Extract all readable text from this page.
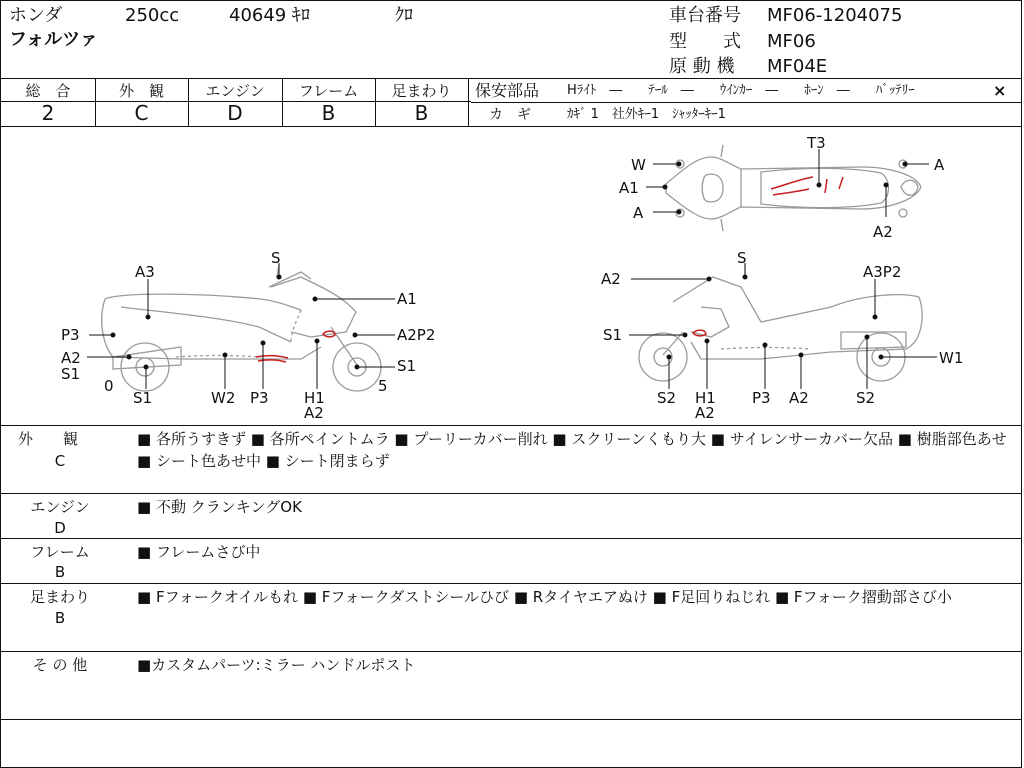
ホンダ	250cc	40649 ｷﾛ	ｸﾛ
フォルツァ
車台番号 MF06-1204075
型　　式 MF06
原 動 機 MF04E
総　合	外　観	エンジン	フレーム	足まわり
2	C	D	B	B
保安部品 Hﾗｲﾄ　―　　ﾃｰﾙ　―　　ｳｲﾝｶｰ　―　　ﾎｰﾝ　―　　ﾊﾞｯﾃﾘｰ	×
カ　ギ	ｶｷﾞ 1　社外ｷｰ1　ｼｬｯﾀｰｷｰ1
W
A1
A
T3
A
A2
S
A3
A1
P3	A2P2
A2
S1	S1
0	5
S1	W2 P3 H1
A2
S
A2	A3P2
S1
W1
S2 H1
A2
P3 A2	S2
外　　観
C
■ 各所うすきず ■ 各所ペイントムラ ■ プーリーカバー削れ ■ スクリーンくもり大 ■ サイレンサーカバー欠品 ■ 樹脂部色あせ ■ シート色あせ中 ■ シート閉まらず
エンジン
D
■ 不動 クランキングOK
フレーム
B
■ フレームさび中
足まわり
B
■ Fフォークオイルもれ ■ Fフォークダストシールひび ■ Rタイヤエアぬけ ■ F足回りねじれ ■ Fフォーク摺動部さび小
そ の 他	■カスタムパーツ:ミラー ハンドルポスト
